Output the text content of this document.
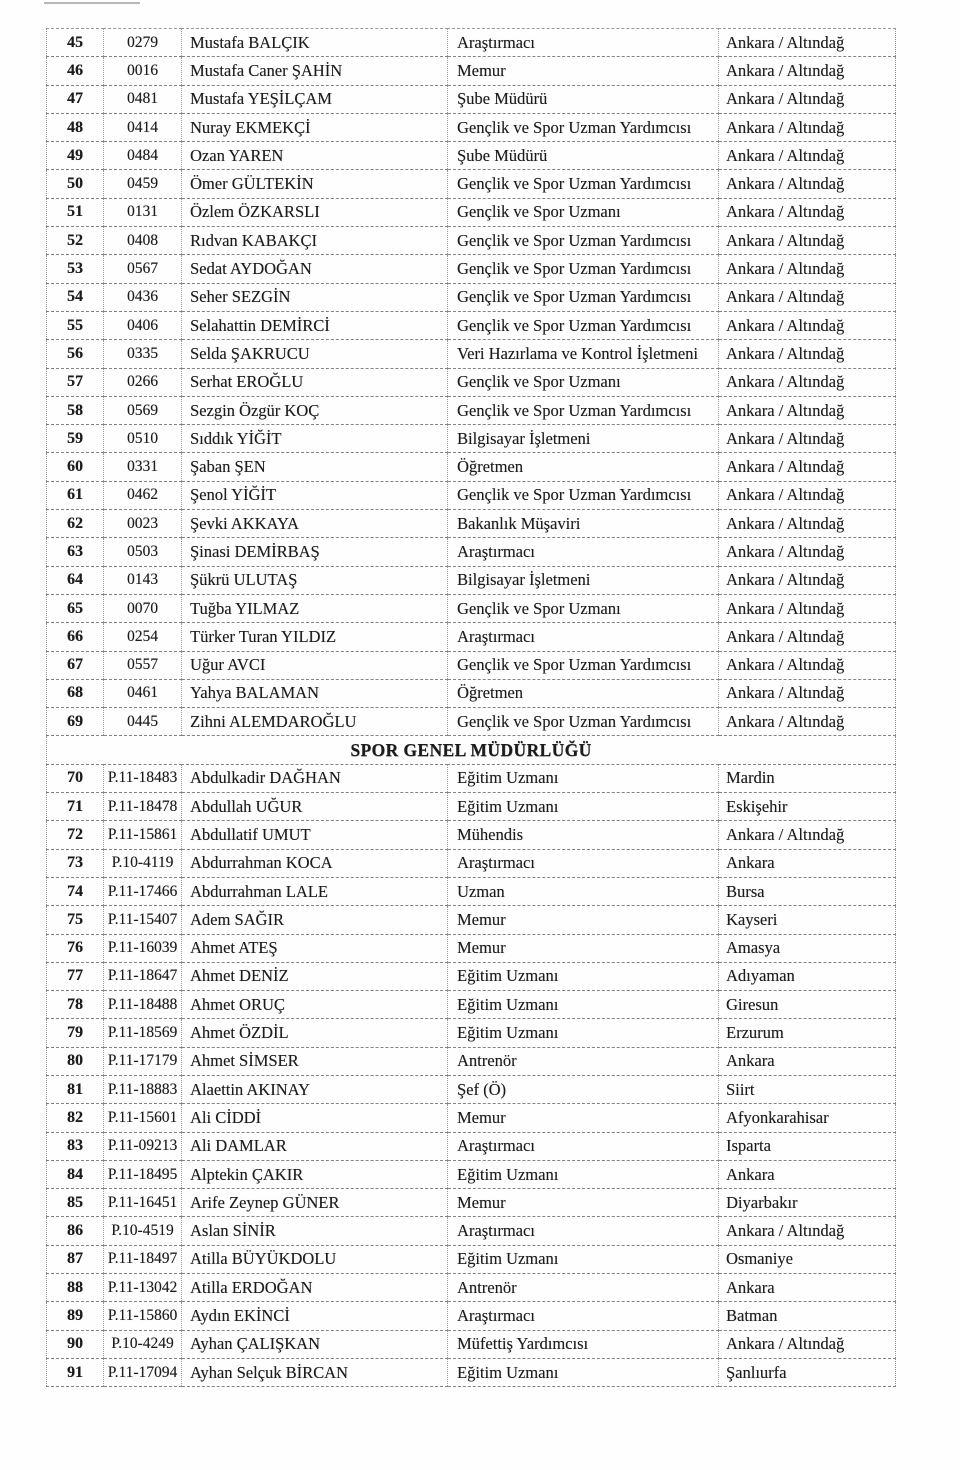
45	0279	Mustafa BALÇIK	Araştırmacı	Ankara / Altındağ
46	0016	Mustafa Caner ŞAHİN	Memur	Ankara / Altındağ
47	0481	Mustafa YEŞİLÇAM	Şube Müdürü	Ankara / Altındağ
48	0414	Nuray EKMEKÇİ	Gençlik ve Spor Uzman Yardımcısı	Ankara / Altındağ
49	0484	Ozan YAREN	Şube Müdürü	Ankara / Altındağ
50	0459	Ömer GÜLTEKİN	Gençlik ve Spor Uzman Yardımcısı	Ankara / Altındağ
51	0131	Özlem ÖZKARSLI	Gençlik ve Spor Uzmanı	Ankara / Altındağ
52	0408	Rıdvan KABAKÇI	Gençlik ve Spor Uzman Yardımcısı	Ankara / Altındağ
53	0567	Sedat AYDOĞAN	Gençlik ve Spor Uzman Yardımcısı	Ankara / Altındağ
54	0436	Seher SEZGİN	Gençlik ve Spor Uzman Yardımcısı	Ankara / Altındağ
55	0406	Selahattin DEMİRCİ	Gençlik ve Spor Uzman Yardımcısı	Ankara / Altındağ
56	0335	Selda ŞAKRUCU	Veri Hazırlama ve Kontrol İşletmeni	Ankara / Altındağ
57	0266	Serhat EROĞLU	Gençlik ve Spor Uzmanı	Ankara / Altındağ
58	0569	Sezgin Özgür KOÇ	Gençlik ve Spor Uzman Yardımcısı	Ankara / Altındağ
59	0510	Sıddık YİĞİT	Bilgisayar İşletmeni	Ankara / Altındağ
60	0331	Şaban ŞEN	Öğretmen	Ankara / Altındağ
61	0462	Şenol YİĞİT	Gençlik ve Spor Uzman Yardımcısı	Ankara / Altındağ
62	0023	Şevki AKKAYA	Bakanlık Müşaviri	Ankara / Altındağ
63	0503	Şinasi DEMİRBAŞ	Araştırmacı	Ankara / Altındağ
64	0143	Şükrü ULUTAŞ	Bilgisayar İşletmeni	Ankara / Altındağ
65	0070	Tuğba YILMAZ	Gençlik ve Spor Uzmanı	Ankara / Altındağ
66	0254	Türker Turan YILDIZ	Araştırmacı	Ankara / Altındağ
67	0557	Uğur AVCI	Gençlik ve Spor Uzman Yardımcısı	Ankara / Altındağ
68	0461	Yahya BALAMAN	Öğretmen	Ankara / Altındağ
69	0445	Zihni ALEMDAROĞLU	Gençlik ve Spor Uzman Yardımcısı	Ankara / Altındağ
SPOR GENEL MÜDÜRLÜĞÜ				
70	P.11-18483	Abdulkadir DAĞHAN	Eğitim Uzmanı	Mardin
71	P.11-18478	Abdullah UĞUR	Eğitim Uzmanı	Eskişehir
72	P.11-15861	Abdullatif UMUT	Mühendis	Ankara / Altındağ
73	P.10-4119	Abdurrahman KOCA	Araştırmacı	Ankara
74	P.11-17466	Abdurrahman LALE	Uzman	Bursa
75	P.11-15407	Adem SAĞIR	Memur	Kayseri
76	P.11-16039	Ahmet ATEŞ	Memur	Amasya
77	P.11-18647	Ahmet DENİZ	Eğitim Uzmanı	Adıyaman
78	P.11-18488	Ahmet ORUÇ	Eğitim Uzmanı	Giresun
79	P.11-18569	Ahmet ÖZDİL	Eğitim Uzmanı	Erzurum
80	P.11-17179	Ahmet SİMSER	Antrenör	Ankara
81	P.11-18883	Alaettin AKINAY	Şef (Ö)	Siirt
82	P.11-15601	Ali CİDDİ	Memur	Afyonkarahisar
83	P.11-09213	Ali DAMLAR	Araştırmacı	Isparta
84	P.11-18495	Alptekin ÇAKIR	Eğitim Uzmanı	Ankara
85	P.11-16451	Arife Zeynep GÜNER	Memur	Diyarbakır
86	P.10-4519	Aslan SİNİR	Araştırmacı	Ankara / Altındağ
87	P.11-18497	Atilla BÜYÜKDOLU	Eğitim Uzmanı	Osmaniye
88	P.11-13042	Atilla ERDOĞAN	Antrenör	Ankara
89	P.11-15860	Aydın EKİNCİ	Araştırmacı	Batman
90	P.10-4249	Ayhan ÇALIŞKAN	Müfettiş Yardımcısı	Ankara / Altındağ
91	P.11-17094	Ayhan Selçuk BİRCAN	Eğitim Uzmanı	Şanlıurfa
